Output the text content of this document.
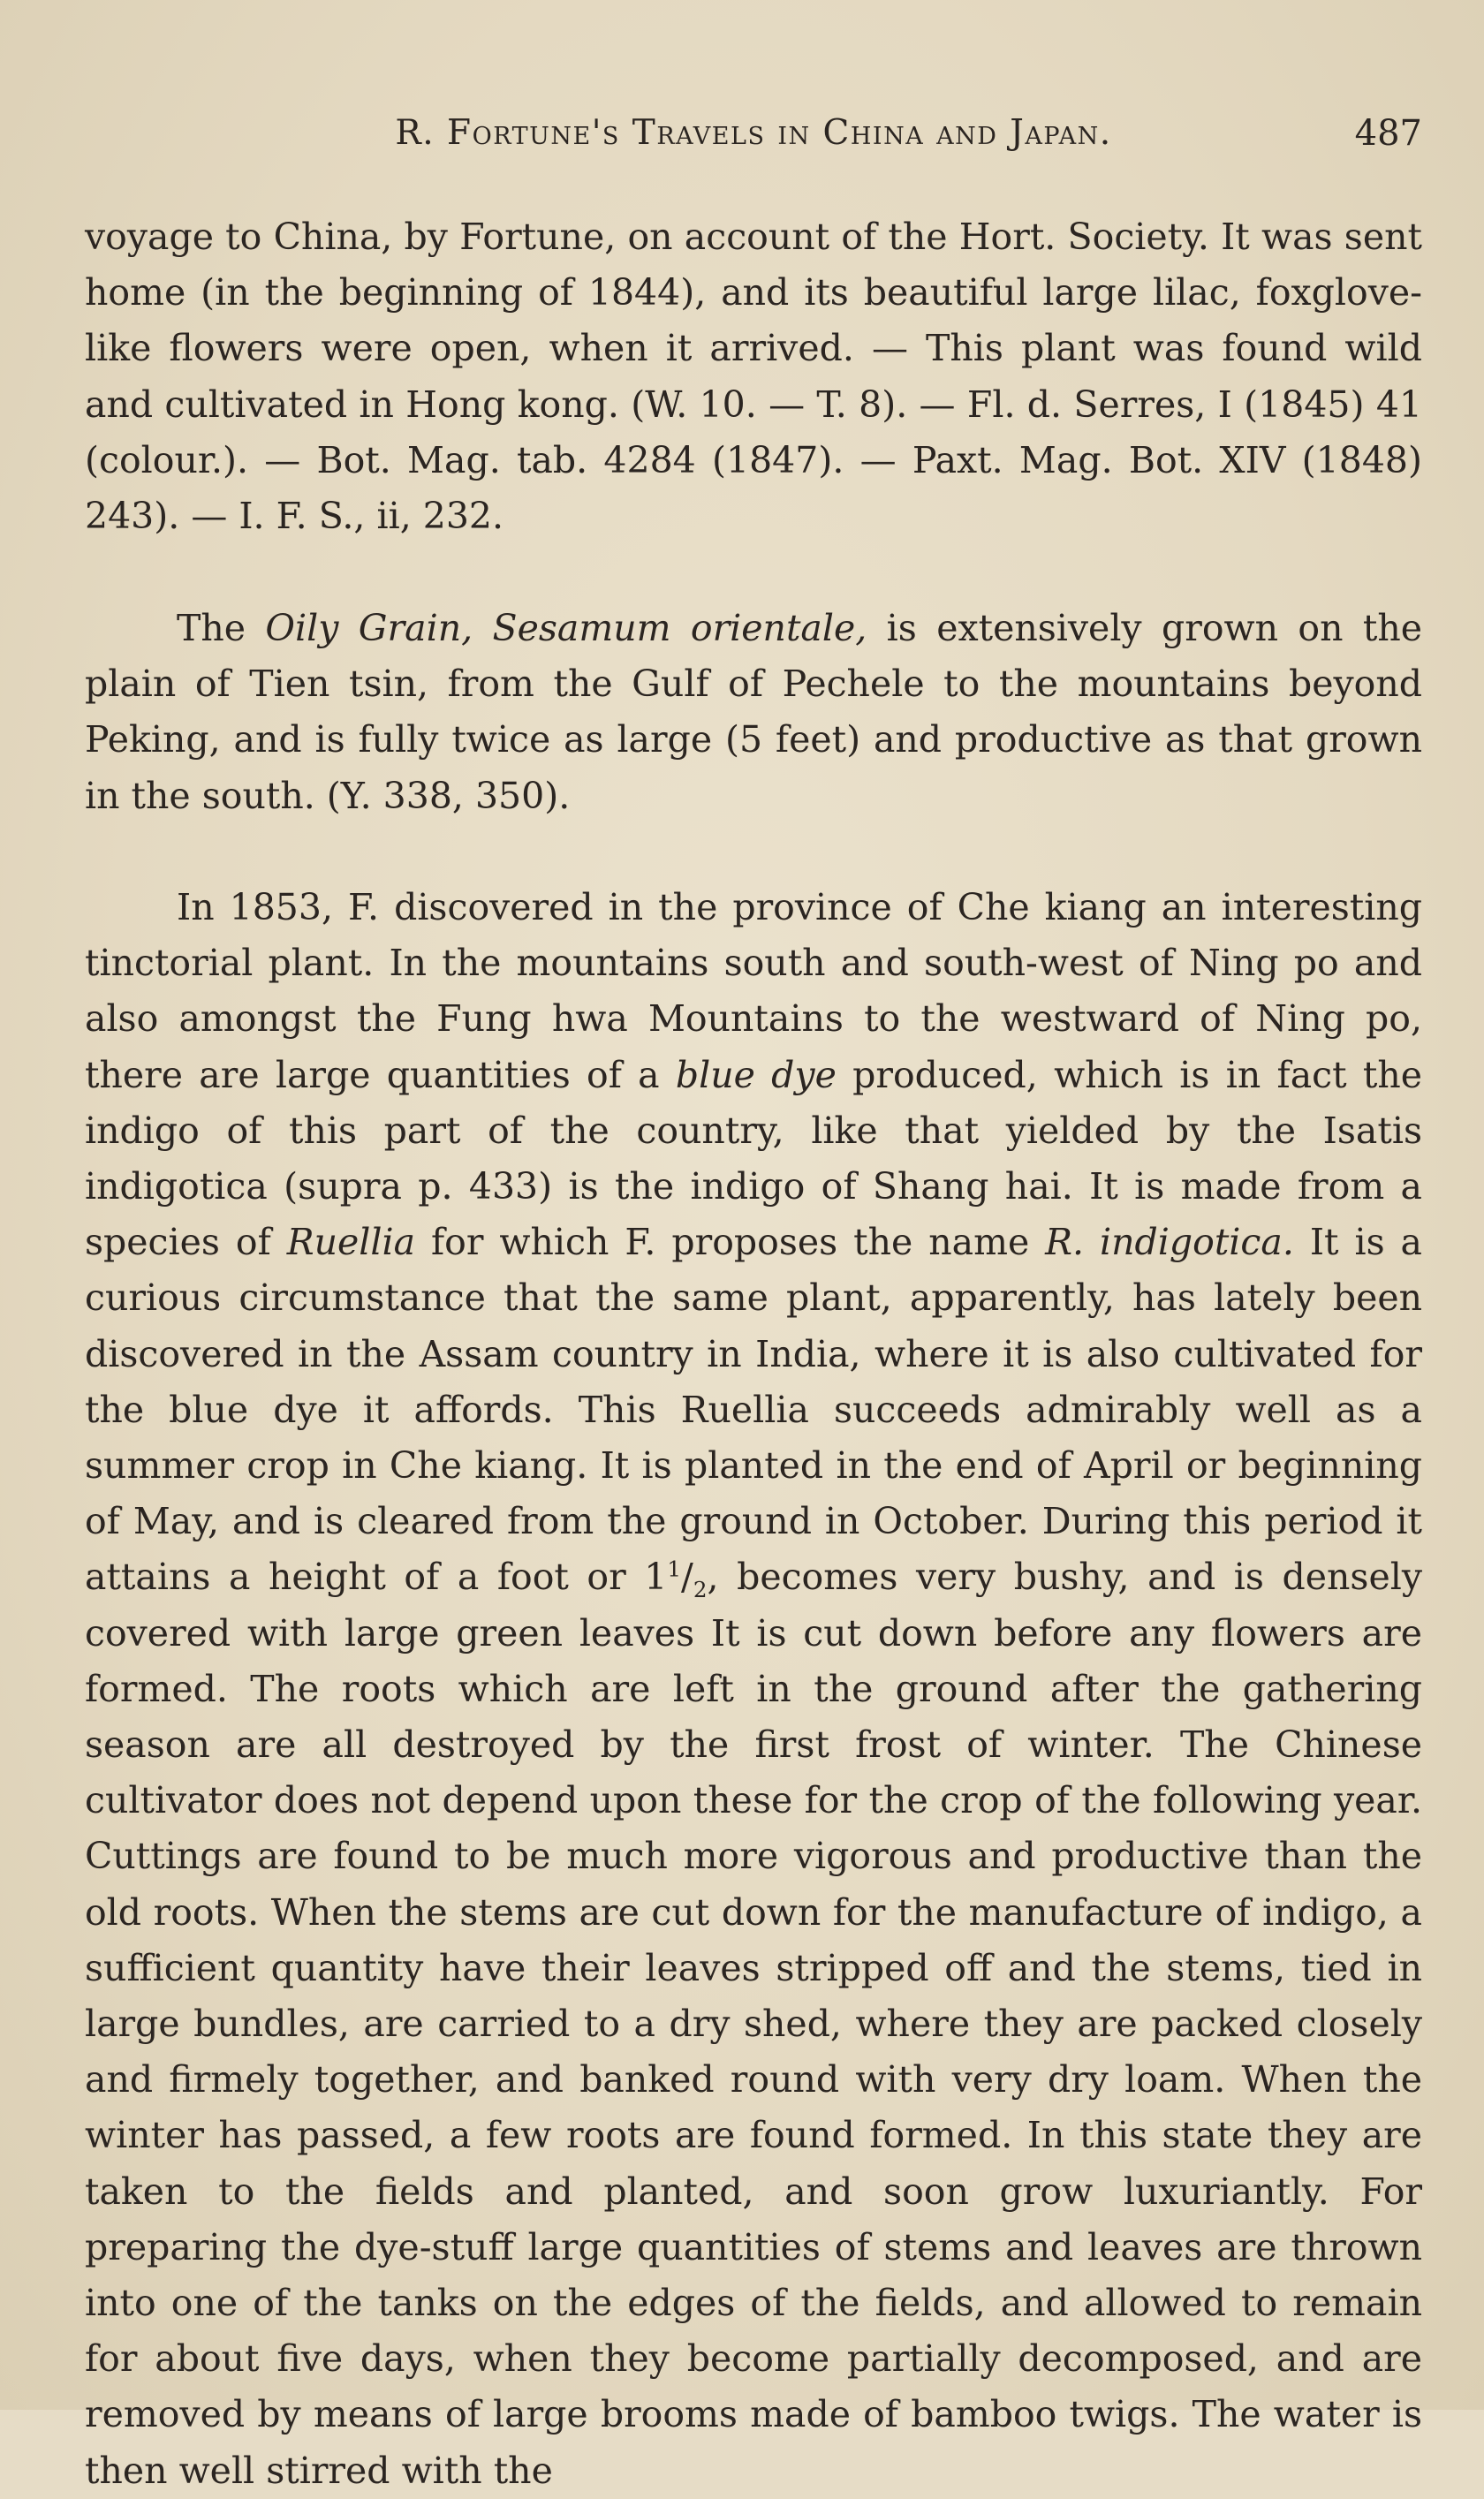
R. Fortune's Travels in China and Japan.	487

voyage to China, by Fortune, on account of the Hort. Society. It was sent home (in the beginning of 1844), and its beautiful large lilac, foxglove-like flowers were open, when it arrived. — This plant was found wild and cultivated in Hong kong. (W. 10. — T. 8). — Fl. d. Serres, I (1845) 41 (colour.). — Bot. Mag. tab. 4284 (1847). — Paxt. Mag. Bot. XIV (1848) 243). — I. F. S., ii, 232.

The Oily Grain, Sesamum orientale, is extensively grown on the plain of Tien tsin, from the Gulf of Pechele to the mountains beyond Peking, and is fully twice as large (5 feet) and productive as that grown in the south. (Y. 338, 350).

In 1853, F. discovered in the province of Che kiang an interesting tinctorial plant. In the mountains south and south-west of Ning po and also amongst the Fung hwa Mountains to the westward of Ning po, there are large quantities of a blue dye produced, which is in fact the indigo of this part of the country, like that yielded by the Isatis indigotica (supra p. 433) is the indigo of Shang hai. It is made from a species of Ruellia for which F. proposes the name R. indigotica. It is a curious circumstance that the same plant, apparently, has lately been discovered in the Assam country in India, where it is also cultivated for the blue dye it affords. This Ruellia succeeds admirably well as a summer crop in Che kiang. It is planted in the end of April or beginning of May, and is cleared from the ground in October. During this period it attains a height of a foot or $1^1/_2$, becomes very bushy, and is densely covered with large green leaves It is cut down before any flowers are formed. The roots which are left in the ground after the gathering season are all destroyed by the first frost of winter. The Chinese cultivator does not depend upon these for the crop of the following year. Cuttings are found to be much more vigorous and productive than the old roots. When the stems are cut down for the manufacture of indigo, a sufficient quantity have their leaves stripped off and the stems, tied in large bundles, are carried to a dry shed, where they are packed closely and firmely together, and banked round with very dry loam. When the winter has passed, a few roots are found formed. In this state they are taken to the fields and planted, and soon grow luxuriantly. For preparing the dye-stuff large quantities of stems and leaves are thrown into one of the tanks on the edges of the fields, and allowed to remain for about five days, when they become partially decomposed, and are removed by means of large brooms made of bamboo twigs. The water is then well stirred with the
